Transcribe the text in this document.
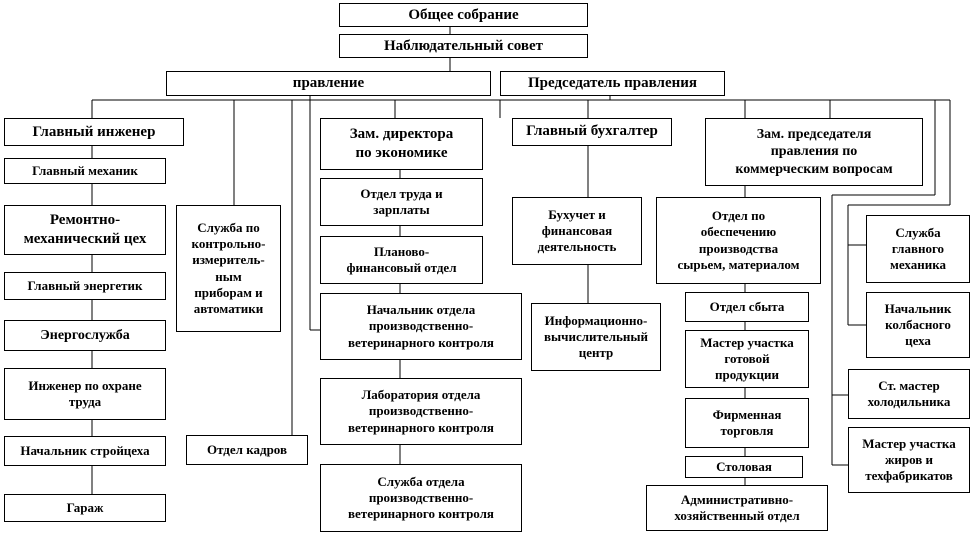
Общее собрание
Наблюдательный совет
правление	Председатель правления
Главный инженер
Главный механик
Ремонтно-
механический цех
Главный энергетик
Энергослужба
Инженер по охране
труда
Начальник стройцеха
Гараж
Служба по
контрольно-
измеритель-
ным
приборам и
автоматики
Отдел кадров
Зам. директора
по экономике
Отдел труда и
зарплаты
Планово-
финансовый отдел
Начальник отдела
производственно-
ветеринарного контроля
Лаборатория отдела
производственно-
ветеринарного контроля
Служба отдела
производственно-
ветеринарного контроля
Главный бухгалтер
Бухучет и
финансовая
деятельность
Информационно-
вычислительный
центр
Зам. председателя
правления по
коммерческим вопросам
Отдел по
обеспечению
производства
сырьем, материалом
Отдел сбыта
Мастер участка
готовой
продукции
Фирменная
торговля
Столовая
Административно-
хозяйственный отдел
Служба
главного
механика
Начальник
колбасного
цеха
Ст. мастер
холодильника
Мастер участка
жиров и
техфабрикатов
